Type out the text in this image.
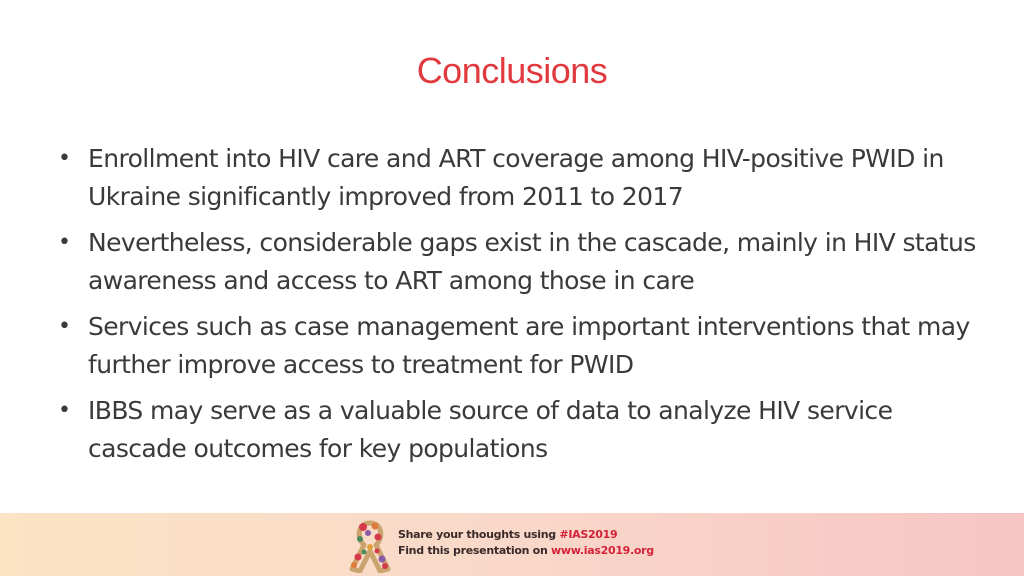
Conclusions
• Enrollment into HIV care and ART coverage among HIV-positive PWID in Ukraine significantly improved from 2011 to 2017
• Nevertheless, considerable gaps exist in the cascade, mainly in HIV status awareness and access to ART among those in care
• Services such as case management are important interventions that may further improve access to treatment for PWID
• IBBS may serve as a valuable source of data to analyze HIV service cascade outcomes for key populations
Share your thoughts using #IAS2019
Find this presentation on www.ias2019.org
